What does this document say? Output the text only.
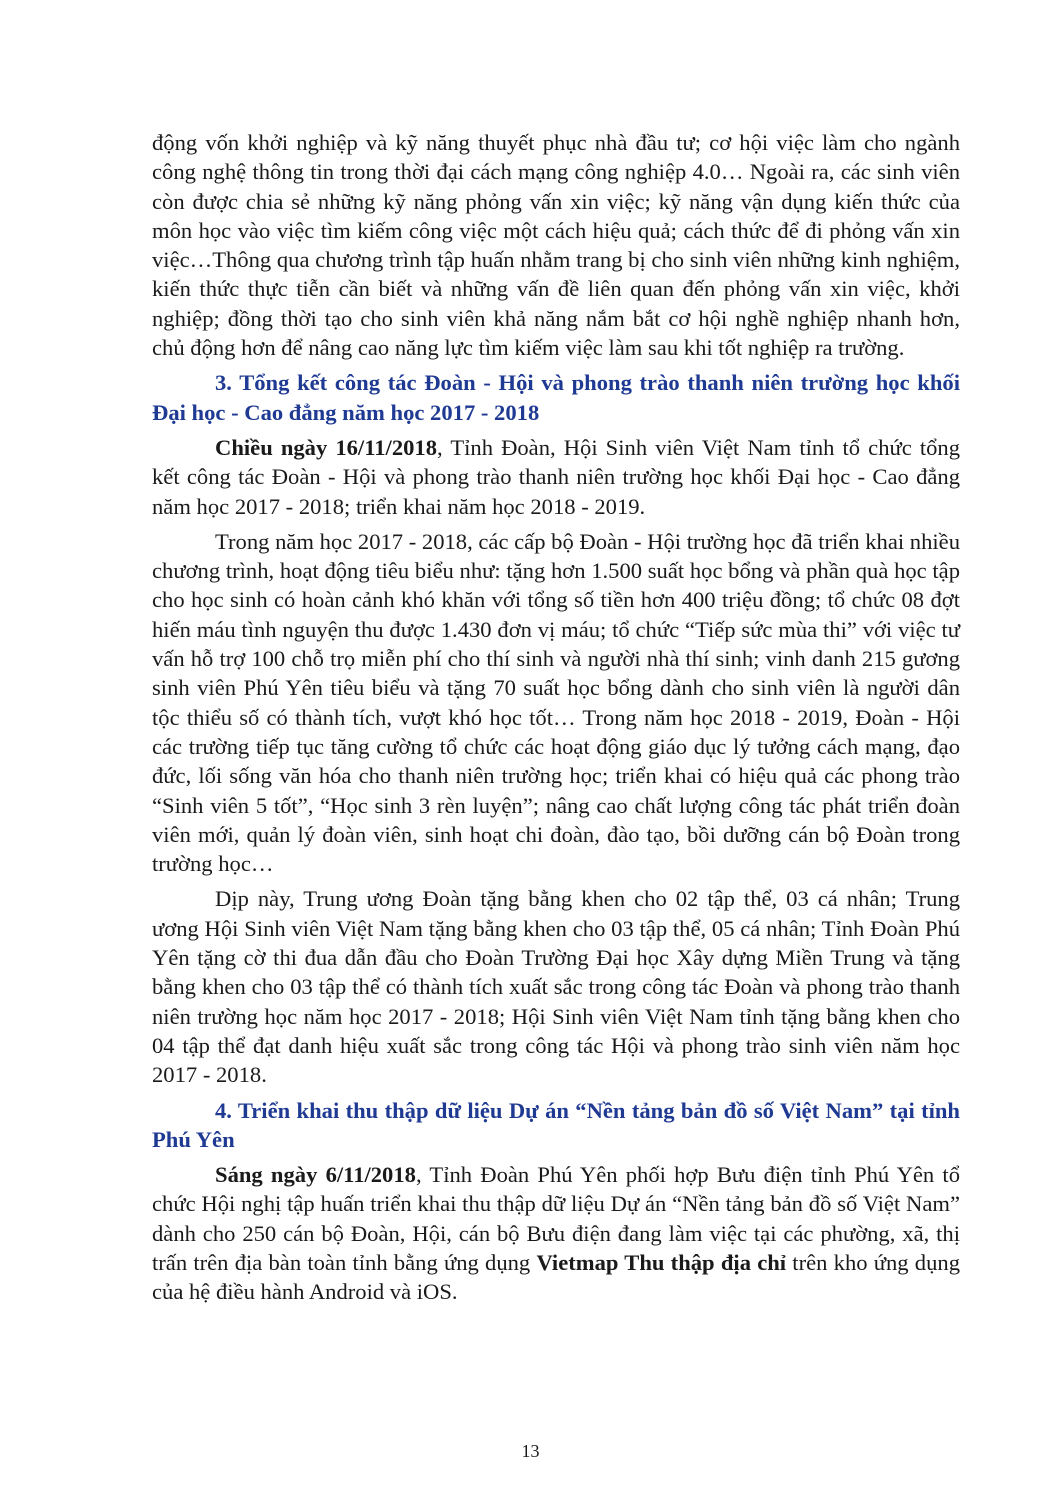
động vốn khởi nghiệp và kỹ năng thuyết phục nhà đầu tư; cơ hội việc làm cho ngành công nghệ thông tin trong thời đại cách mạng công nghiệp 4.0… Ngoài ra, các sinh viên còn được chia sẻ những kỹ năng phỏng vấn xin việc; kỹ năng vận dụng kiến thức của môn học vào việc tìm kiếm công việc một cách hiệu quả; cách thức để đi phỏng vấn xin việc…Thông qua chương trình tập huấn nhằm trang bị cho sinh viên những kinh nghiệm, kiến thức thực tiễn cần biết và những vấn đề liên quan đến phỏng vấn xin việc, khởi nghiệp; đồng thời tạo cho sinh viên khả năng nắm bắt cơ hội nghề nghiệp nhanh hơn, chủ động hơn để nâng cao năng lực tìm kiếm việc làm sau khi tốt nghiệp ra trường.

3. Tổng kết công tác Đoàn - Hội và phong trào thanh niên trường học khối Đại học - Cao đẳng năm học 2017 - 2018

Chiều ngày 16/11/2018, Tỉnh Đoàn, Hội Sinh viên Việt Nam tỉnh tổ chức tổng kết công tác Đoàn - Hội và phong trào thanh niên trường học khối Đại học - Cao đẳng năm học 2017 - 2018; triển khai năm học 2018 - 2019.

Trong năm học 2017 - 2018, các cấp bộ Đoàn - Hội trường học đã triển khai nhiều chương trình, hoạt động tiêu biểu như: tặng hơn 1.500 suất học bổng và phần quà học tập cho học sinh có hoàn cảnh khó khăn với tổng số tiền hơn 400 triệu đồng; tổ chức 08 đợt hiến máu tình nguyện thu được 1.430 đơn vị máu; tổ chức “Tiếp sức mùa thi” với việc tư vấn hỗ trợ 100 chỗ trọ miễn phí cho thí sinh và người nhà thí sinh; vinh danh 215 gương sinh viên Phú Yên tiêu biểu và tặng 70 suất học bổng dành cho sinh viên là người dân tộc thiểu số có thành tích, vượt khó học tốt… Trong năm học 2018 - 2019, Đoàn - Hội các trường tiếp tục tăng cường tổ chức các hoạt động giáo dục lý tưởng cách mạng, đạo đức, lối sống văn hóa cho thanh niên trường học; triển khai có hiệu quả các phong trào “Sinh viên 5 tốt”, “Học sinh 3 rèn luyện”; nâng cao chất lượng công tác phát triển đoàn viên mới, quản lý đoàn viên, sinh hoạt chi đoàn, đào tạo, bồi dưỡng cán bộ Đoàn trong trường học…

Dịp này, Trung ương Đoàn tặng bằng khen cho 02 tập thể, 03 cá nhân; Trung ương Hội Sinh viên Việt Nam tặng bằng khen cho 03 tập thể, 05 cá nhân; Tỉnh Đoàn Phú Yên tặng cờ thi đua dẫn đầu cho Đoàn Trường Đại học Xây dựng Miền Trung và tặng bằng khen cho 03 tập thể có thành tích xuất sắc trong công tác Đoàn và phong trào thanh niên trường học năm học 2017 - 2018; Hội Sinh viên Việt Nam tỉnh tặng bằng khen cho 04 tập thể đạt danh hiệu xuất sắc trong công tác Hội và phong trào sinh viên năm học 2017 - 2018.

4. Triển khai thu thập dữ liệu Dự án “Nền tảng bản đồ số Việt Nam” tại tỉnh Phú Yên

Sáng ngày 6/11/2018, Tỉnh Đoàn Phú Yên phối hợp Bưu điện tỉnh Phú Yên tổ chức Hội nghị tập huấn triển khai thu thập dữ liệu Dự án “Nền tảng bản đồ số Việt Nam” dành cho 250 cán bộ Đoàn, Hội, cán bộ Bưu điện đang làm việc tại các phường, xã, thị trấn trên địa bàn toàn tỉnh bằng ứng dụng Vietmap Thu thập địa chỉ trên kho ứng dụng của hệ điều hành Android và iOS.

13
